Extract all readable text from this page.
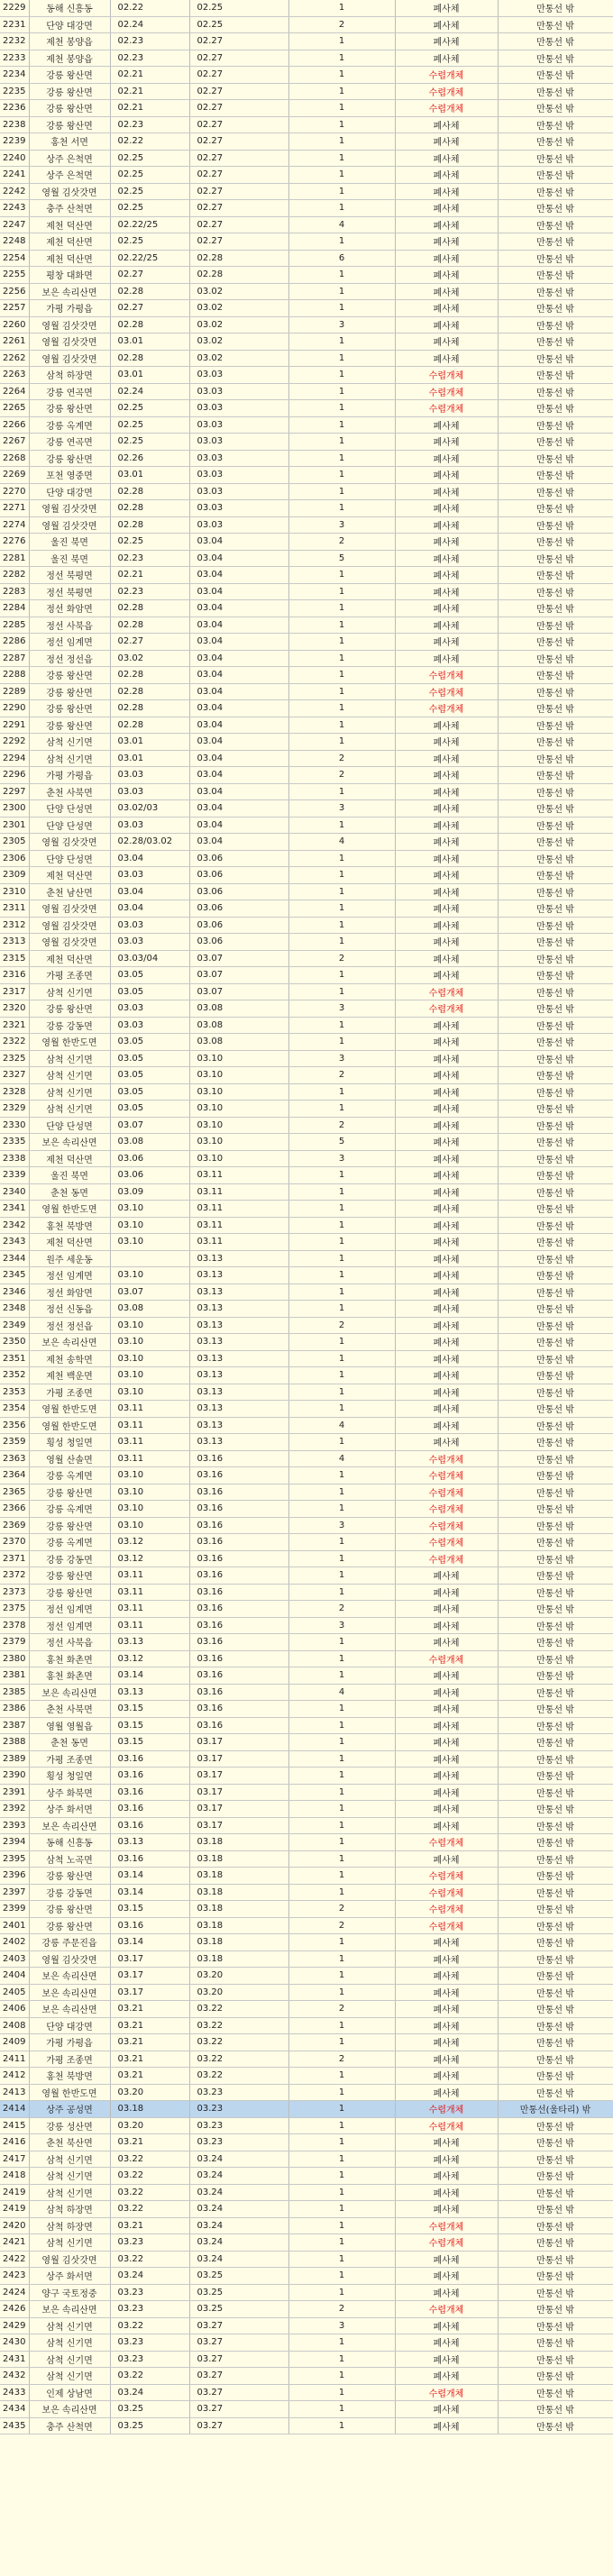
2229	동해 신흥동	02.22	02.25	1	폐사체	만통선 밖
2231	단양 대강면	02.24	02.25	2	폐사체	만통선 밖
2232	제천 봉양읍	02.23	02.27	1	폐사체	만통선 밖
2233	제천 봉양읍	02.23	02.27	1	폐사체	만통선 밖
2234	강릉 왕산면	02.21	02.27	1	수렵개체	만통선 밖
2235	강릉 왕산면	02.21	02.27	1	수렵개체	만통선 밖
2236	강릉 왕산면	02.21	02.27	1	수렵개체	만통선 밖
2238	강릉 왕산면	02.23	02.27	1	폐사체	만통선 밖
2239	홍천 서면	02.22	02.27	1	폐사체	만통선 밖
2240	상주 은척면	02.25	02.27	1	폐사체	만통선 밖
2241	상주 은척면	02.25	02.27	1	폐사체	만통선 밖
2242	영월 김삿갓면	02.25	02.27	1	폐사체	만통선 밖
2243	충주 산척면	02.25	02.27	1	폐사체	만통선 밖
2247	제천 덕산면	02.22/25	02.27	4	폐사체	만통선 밖
2248	제천 덕산면	02.25	02.27	1	폐사체	만통선 밖
2254	제천 덕산면	02.22/25	02.28	6	폐사체	만통선 밖
2255	평창 대화면	02.27	02.28	1	폐사체	만통선 밖
2256	보은 속리산면	02.28	03.02	1	폐사체	만통선 밖
2257	가평 가평읍	02.27	03.02	1	폐사체	만통선 밖
2260	영월 김삿갓면	02.28	03.02	3	폐사체	만통선 밖
2261	영월 김삿갓면	03.01	03.02	1	폐사체	만통선 밖
2262	영월 김삿갓면	02.28	03.02	1	폐사체	만통선 밖
2263	삼척 하장면	03.01	03.03	1	수렵개체	만통선 밖
2264	강릉 연곡면	02.24	03.03	1	수렵개체	만통선 밖
2265	강릉 왕산면	02.25	03.03	1	수렵개체	만통선 밖
2266	강릉 옥계면	02.25	03.03	1	폐사체	만통선 밖
2267	강릉 연곡면	02.25	03.03	1	폐사체	만통선 밖
2268	강릉 왕산면	02.26	03.03	1	폐사체	만통선 밖
2269	포천 영중면	03.01	03.03	1	폐사체	만통선 밖
2270	단양 대강면	02.28	03.03	1	폐사체	만통선 밖
2271	영월 김삿갓면	02.28	03.03	1	폐사체	만통선 밖
2274	영월 김삿갓면	02.28	03.03	3	폐사체	만통선 밖
2276	울진 북면	02.25	03.04	2	폐사체	만통선 밖
2281	울진 북면	02.23	03.04	5	폐사체	만통선 밖
2282	정선 북평면	02.21	03.04	1	폐사체	만통선 밖
2283	정선 북평면	02.23	03.04	1	폐사체	만통선 밖
2284	정선 화암면	02.28	03.04	1	폐사체	만통선 밖
2285	정선 사북읍	02.28	03.04	1	폐사체	만통선 밖
2286	정선 임계면	02.27	03.04	1	폐사체	만통선 밖
2287	정선 정선읍	03.02	03.04	1	폐사체	만통선 밖
2288	강릉 왕산면	02.28	03.04	1	수렵개체	만통선 밖
2289	강릉 왕산면	02.28	03.04	1	수렵개체	만통선 밖
2290	강릉 왕산면	02.28	03.04	1	수렵개체	만통선 밖
2291	강릉 왕산면	02.28	03.04	1	폐사체	만통선 밖
2292	삼척 신기면	03.01	03.04	1	폐사체	만통선 밖
2294	삼척 신기면	03.01	03.04	2	폐사체	만통선 밖
2296	가평 가평읍	03.03	03.04	2	폐사체	만통선 밖
2297	춘천 사북면	03.03	03.04	1	폐사체	만통선 밖
2300	단양 단성면	03.02/03	03.04	3	폐사체	만통선 밖
2301	단양 단성면	03.03	03.04	1	폐사체	만통선 밖
2305	영월 김삿갓면	02.28/03.02	03.04	4	폐사체	만통선 밖
2306	단양 단성면	03.04	03.06	1	폐사체	만통선 밖
2309	제천 덕산면	03.03	03.06	1	폐사체	만통선 밖
2310	춘천 남산면	03.04	03.06	1	폐사체	만통선 밖
2311	영월 김삿갓면	03.04	03.06	1	폐사체	만통선 밖
2312	영월 김삿갓면	03.03	03.06	1	폐사체	만통선 밖
2313	영월 김삿갓면	03.03	03.06	1	폐사체	만통선 밖
2315	제천 덕산면	03.03/04	03.07	2	폐사체	만통선 밖
2316	가평 조종면	03.05	03.07	1	폐사체	만통선 밖
2317	삼척 신기면	03.05	03.07	1	수렵개체	만통선 밖
2320	강릉 왕산면	03.03	03.08	3	수렵개체	만통선 밖
2321	강릉 강동면	03.03	03.08	1	폐사체	만통선 밖
2322	영월 한반도면	03.05	03.08	1	폐사체	만통선 밖
2325	삼척 신기면	03.05	03.10	3	폐사체	만통선 밖
2327	삼척 신기면	03.05	03.10	2	폐사체	만통선 밖
2328	삼척 신기면	03.05	03.10	1	폐사체	만통선 밖
2329	삼척 신기면	03.05	03.10	1	폐사체	만통선 밖
2330	단양 단성면	03.07	03.10	2	폐사체	만통선 밖
2335	보은 속리산면	03.08	03.10	5	폐사체	만통선 밖
2338	제천 덕산면	03.06	03.10	3	폐사체	만통선 밖
2339	울진 북면	03.06	03.11	1	폐사체	만통선 밖
2340	춘천 동면	03.09	03.11	1	폐사체	만통선 밖
2341	영월 한반도면	03.10	03.11	1	폐사체	만통선 밖
2342	홍천 북방면	03.10	03.11	1	폐사체	만통선 밖
2343	제천 덕산면	03.10	03.11	1	폐사체	만통선 밖
2344	원주 세운동		03.13	1	폐사체	만통선 밖
2345	정선 임계면	03.10	03.13	1	폐사체	만통선 밖
2346	정선 화암면	03.07	03.13	1	폐사체	만통선 밖
2348	정선 신동읍	03.08	03.13	1	폐사체	만통선 밖
2349	정선 정선읍	03.10	03.13	2	폐사체	만통선 밖
2350	보은 속리산면	03.10	03.13	1	폐사체	만통선 밖
2351	제천 송학면	03.10	03.13	1	폐사체	만통선 밖
2352	제천 백운면	03.10	03.13	1	폐사체	만통선 밖
2353	가평 조종면	03.10	03.13	1	폐사체	만통선 밖
2354	영월 한반도면	03.11	03.13	1	폐사체	만통선 밖
2356	영월 한반도면	03.11	03.13	4	폐사체	만통선 밖
2359	횡성 청일면	03.11	03.13	1	폐사체	만통선 밖
2363	영월 산솔면	03.11	03.16	4	수렵개체	만통선 밖
2364	강릉 옥계면	03.10	03.16	1	수렵개체	만통선 밖
2365	강릉 왕산면	03.10	03.16	1	수렵개체	만통선 밖
2366	강릉 옥계면	03.10	03.16	1	수렵개체	만통선 밖
2369	강릉 왕산면	03.10	03.16	3	수렵개체	만통선 밖
2370	강릉 옥계면	03.12	03.16	1	수렵개체	만통선 밖
2371	강릉 강동면	03.12	03.16	1	수렵개체	만통선 밖
2372	강릉 왕산면	03.11	03.16	1	폐사체	만통선 밖
2373	강릉 왕산면	03.11	03.16	1	폐사체	만통선 밖
2375	정선 임계면	03.11	03.16	2	폐사체	만통선 밖
2378	정선 임계면	03.11	03.16	3	폐사체	만통선 밖
2379	정선 사북읍	03.13	03.16	1	폐사체	만통선 밖
2380	홍천 화촌면	03.12	03.16	1	수렵개체	만통선 밖
2381	홍천 화촌면	03.14	03.16	1	폐사체	만통선 밖
2385	보은 속리산면	03.13	03.16	4	폐사체	만통선 밖
2386	춘천 사북면	03.15	03.16	1	폐사체	만통선 밖
2387	영월 영월읍	03.15	03.16	1	폐사체	만통선 밖
2388	춘천 동면	03.15	03.17	1	폐사체	만통선 밖
2389	가평 조종면	03.16	03.17	1	폐사체	만통선 밖
2390	횡성 청일면	03.16	03.17	1	폐사체	만통선 밖
2391	상주 화북면	03.16	03.17	1	폐사체	만통선 밖
2392	상주 화서면	03.16	03.17	1	폐사체	만통선 밖
2393	보은 속리산면	03.16	03.17	1	폐사체	만통선 밖
2394	동해 신흥동	03.13	03.18	1	수렵개체	만통선 밖
2395	삼척 노곡면	03.16	03.18	1	폐사체	만통선 밖
2396	강릉 왕산면	03.14	03.18	1	수렵개체	만통선 밖
2397	강릉 강동면	03.14	03.18	1	수렵개체	만통선 밖
2399	강릉 왕산면	03.15	03.18	2	수렵개체	만통선 밖
2401	강릉 왕산면	03.16	03.18	2	수렵개체	만통선 밖
2402	강릉 주문진읍	03.14	03.18	1	폐사체	만통선 밖
2403	영월 김삿갓면	03.17	03.18	1	폐사체	만통선 밖
2404	보은 속리산면	03.17	03.20	1	폐사체	만통선 밖
2405	보은 속리산면	03.17	03.20	1	폐사체	만통선 밖
2406	보은 속리산면	03.21	03.22	2	폐사체	만통선 밖
2408	단양 대강면	03.21	03.22	1	폐사체	만통선 밖
2409	가평 가평읍	03.21	03.22	1	폐사체	만통선 밖
2411	가평 조종면	03.21	03.22	2	폐사체	만통선 밖
2412	홍천 북방면	03.21	03.22	1	폐사체	만통선 밖
2413	영월 한반도면	03.20	03.23	1	폐사체	만통선 밖
2414	상주 공성면	03.18	03.23	1	수렵개체	만통선(울타리) 밖
2415	강릉 성산면	03.20	03.23	1	수렵개체	만통선 밖
2416	춘천 북산면	03.21	03.23	1	폐사체	만통선 밖
2417	삼척 신기면	03.22	03.24	1	폐사체	만통선 밖
2418	삼척 신기면	03.22	03.24	1	폐사체	만통선 밖
2419	삼척 신기면	03.22	03.24	1	폐사체	만통선 밖
2419	삼척 하장면	03.22	03.24	1	폐사체	만통선 밖
2420	삼척 하장면	03.21	03.24	1	수렵개체	만통선 밖
2421	삼척 신기면	03.23	03.24	1	수렵개체	만통선 밖
2422	영월 김삿갓면	03.22	03.24	1	폐사체	만통선 밖
2423	상주 화서면	03.24	03.25	1	폐사체	만통선 밖
2424	양구 국토정중	03.23	03.25	1	폐사체	만통선 밖
2426	보은 속리산면	03.23	03.25	2	수렵개체	만통선 밖
2429	삼척 신기면	03.22	03.27	3	폐사체	만통선 밖
2430	삼척 신기면	03.23	03.27	1	폐사체	만통선 밖
2431	삼척 신기면	03.23	03.27	1	폐사체	만통선 밖
2432	삼척 신기면	03.22	03.27	1	폐사체	만통선 밖
2433	인제 상남면	03.24	03.27	1	수렵개체	만통선 밖
2434	보은 속리산면	03.25	03.27	1	폐사체	만통선 밖
2435	충주 산척면	03.25	03.27	1	폐사체	만통선 밖
